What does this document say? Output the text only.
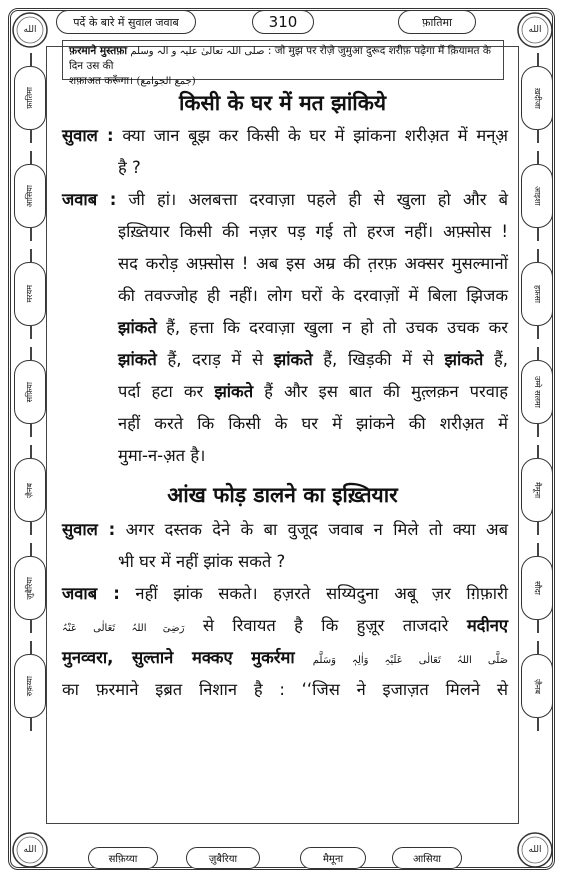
الله	الله
الله	الله
पर्दे के बारे में सुवाल जवाब	310	फ़ातिमा
फ़रमाने मुस्तफ़ा صلی اللہ تعالیٰ علیہ و الہ وسلم : जो मुझ पर रोज़े जुमुआ दुरूद शरीफ़ पढ़ेगा मैं क़ियामत के दिन उस की
शफ़ाअत करूँगा। (جمع الجوامع)
फ़ातिमा
आसिया
मरयम
सफ़िया
ज़ैनब
ज़ुबैरिया
रुक़य्या
ख़दीजा
आइशा
हफ़सा
उम्मे सलमा
मैमूना
सौदा
ज़ैनब
किसी के घर में मत झांकिये
सुवाल : क्या जान बूझ कर किसी के घर में झांकना शरीअ़त में मन्अ़
है ?
जवाब : जी हां। अलबत्ता दरवाज़ा पहले ही से खुला हो और बे
इख़्तियार किसी की नज़र पड़ गई तो हरज नहीं। अफ़्सोस !
सद करोड़ अफ़्सोस ! अब इस अम्र की त़रफ़ अक्सर मुसल्मानों
की तवज्जोह ही नहीं। लोग घरों के दरवाज़ों में बिला झिजक
झांकते हैं, हत्ता कि दरवाज़ा खुला न हो तो उचक उचक कर
झांकते हैं, दराड़ में से झांकते हैं, खिड़की में से झांकते हैं,
पर्दा हटा कर झांकते हैं और इस बात की मुत़्लक़न परवाह
नहीं करते कि किसी के घर में झांकने की शरीअ़त में
मुमा-न-अ़त है।
आंख फोड़ डालने का इख़्तियार
सुवाल : अगर दस्तक देने के बा वुजूद जवाब न मिले तो क्या अब
भी घर में नहीं झांक सकते ?
जवाब : नहीं झांक सकते। हज़रते सय्यिदुना अबू ज़र ग़िफ़ारी
رَضِیَ اللہُ تَعَالٰی عَنْہُ से रिवायत है कि हुज़ूर ताजदारे मदीनए
मुनव्वरा, सुल्ताने मक्कए मुकर्रमा صَلَّی اللہُ تَعَالٰی عَلَیْہِ وَاٰلِہٖ وَسَلَّم
का फ़रमाने इब्रत निशान है : ‘‘जिस ने इजाज़त मिलने से
सफ़िय्या	ज़ुबैरिया	मैमूना	आसिया
